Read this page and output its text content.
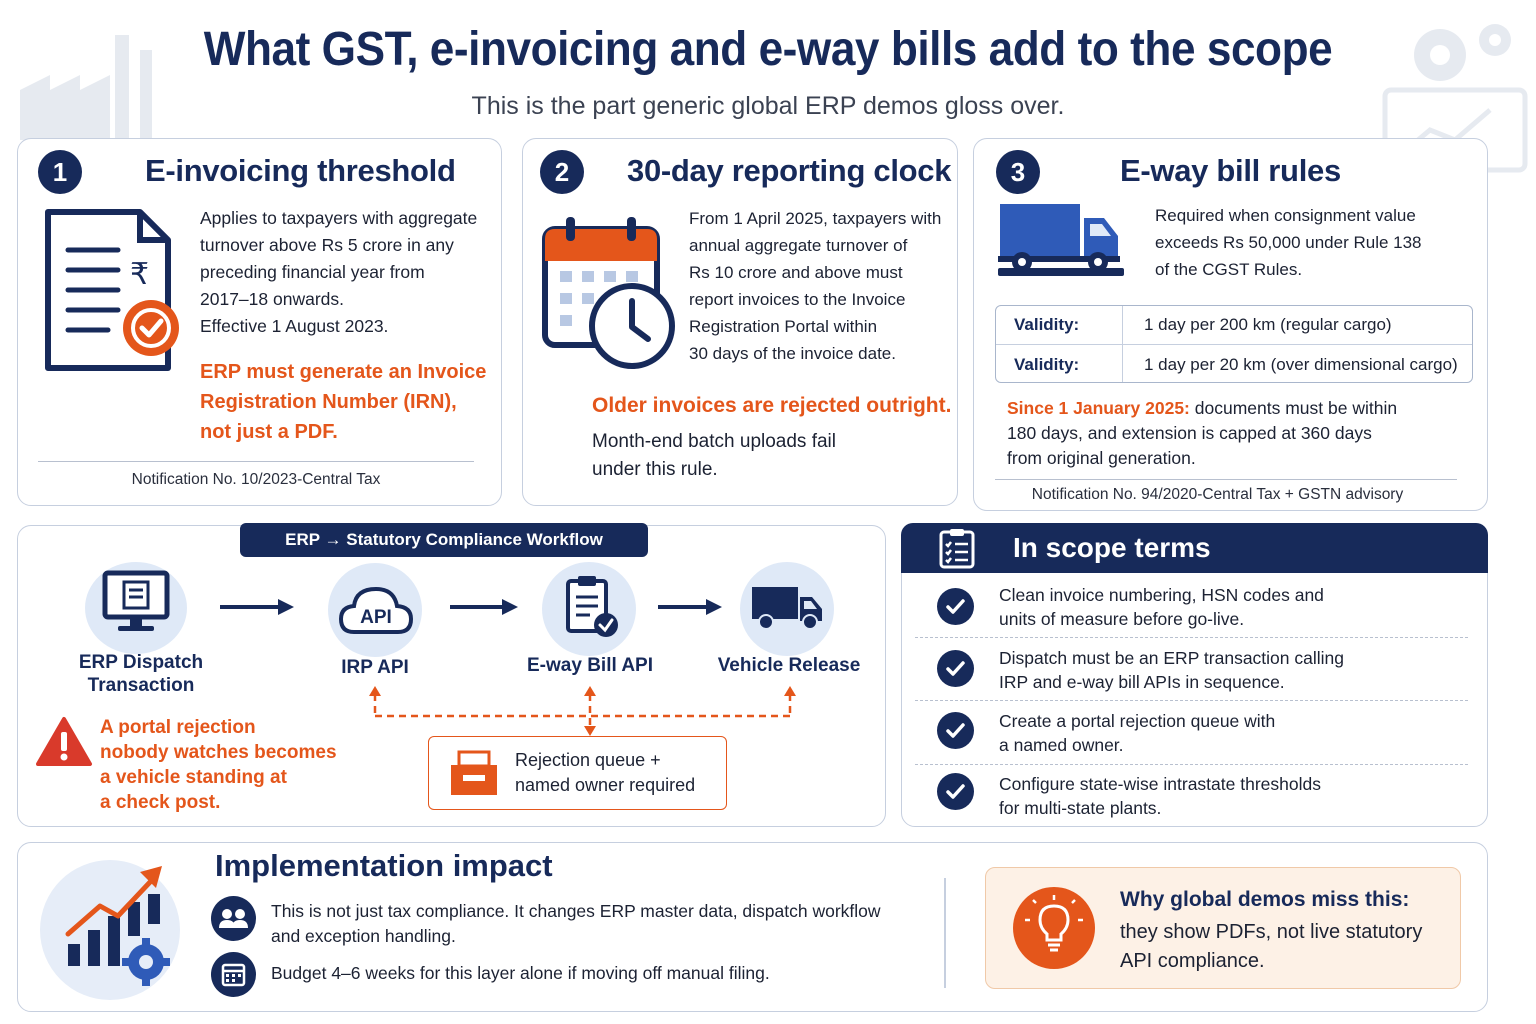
What GST, e-invoicing and e-way bills add to the scope
This is the part generic global ERP demos gloss over.
1	E-invoicing threshold
₹
Applies to taxpayers with aggregate
turnover above Rs 5 crore in any
preceding financial year from
2017–18 onwards.
Effective 1 August 2023.
ERP must generate an Invoice
Registration Number (IRN),
not just a PDF.
Notification No. 10/2023-Central Tax
2	30-day reporting clock
From 1 April 2025, taxpayers with
annual aggregate turnover of
Rs 10 crore and above must
report invoices to the Invoice
Registration Portal within
30 days of the invoice date.
Older invoices are rejected outright.
Month-end batch uploads fail
under this rule.
3	E-way bill rules
Required when consignment value
exceeds Rs 50,000 under Rule 138
of the CGST Rules.
Validity:	1 day per 200 km (regular cargo)
Validity:	1 day per 20 km (over dimensional cargo)
Since 1 January 2025: documents must be within
180 days, and extension is capped at 360 days
from original generation.
Notification No. 94/2020-Central Tax + GSTN advisory
ERP → Statutory Compliance Workflow
ERP Dispatch
Transaction
API
IRP API	E-way Bill API	Vehicle Release
A portal rejection
nobody watches becomes
a vehicle standing at
a check post.
Rejection queue +
named owner required
In scope terms
Clean invoice numbering, HSN codes and
units of measure before go-live.
Dispatch must be an ERP transaction calling
IRP and e-way bill APIs in sequence.
Create a portal rejection queue with
a named owner.
Configure state-wise intrastate thresholds
for multi-state plants.
Implementation impact
This is not just tax compliance. It changes ERP master data, dispatch workflow
and exception handling.
Budget 4–6 weeks for this layer alone if moving off manual filing.
Why global demos miss this:
they show PDFs, not live statutory
API compliance.
